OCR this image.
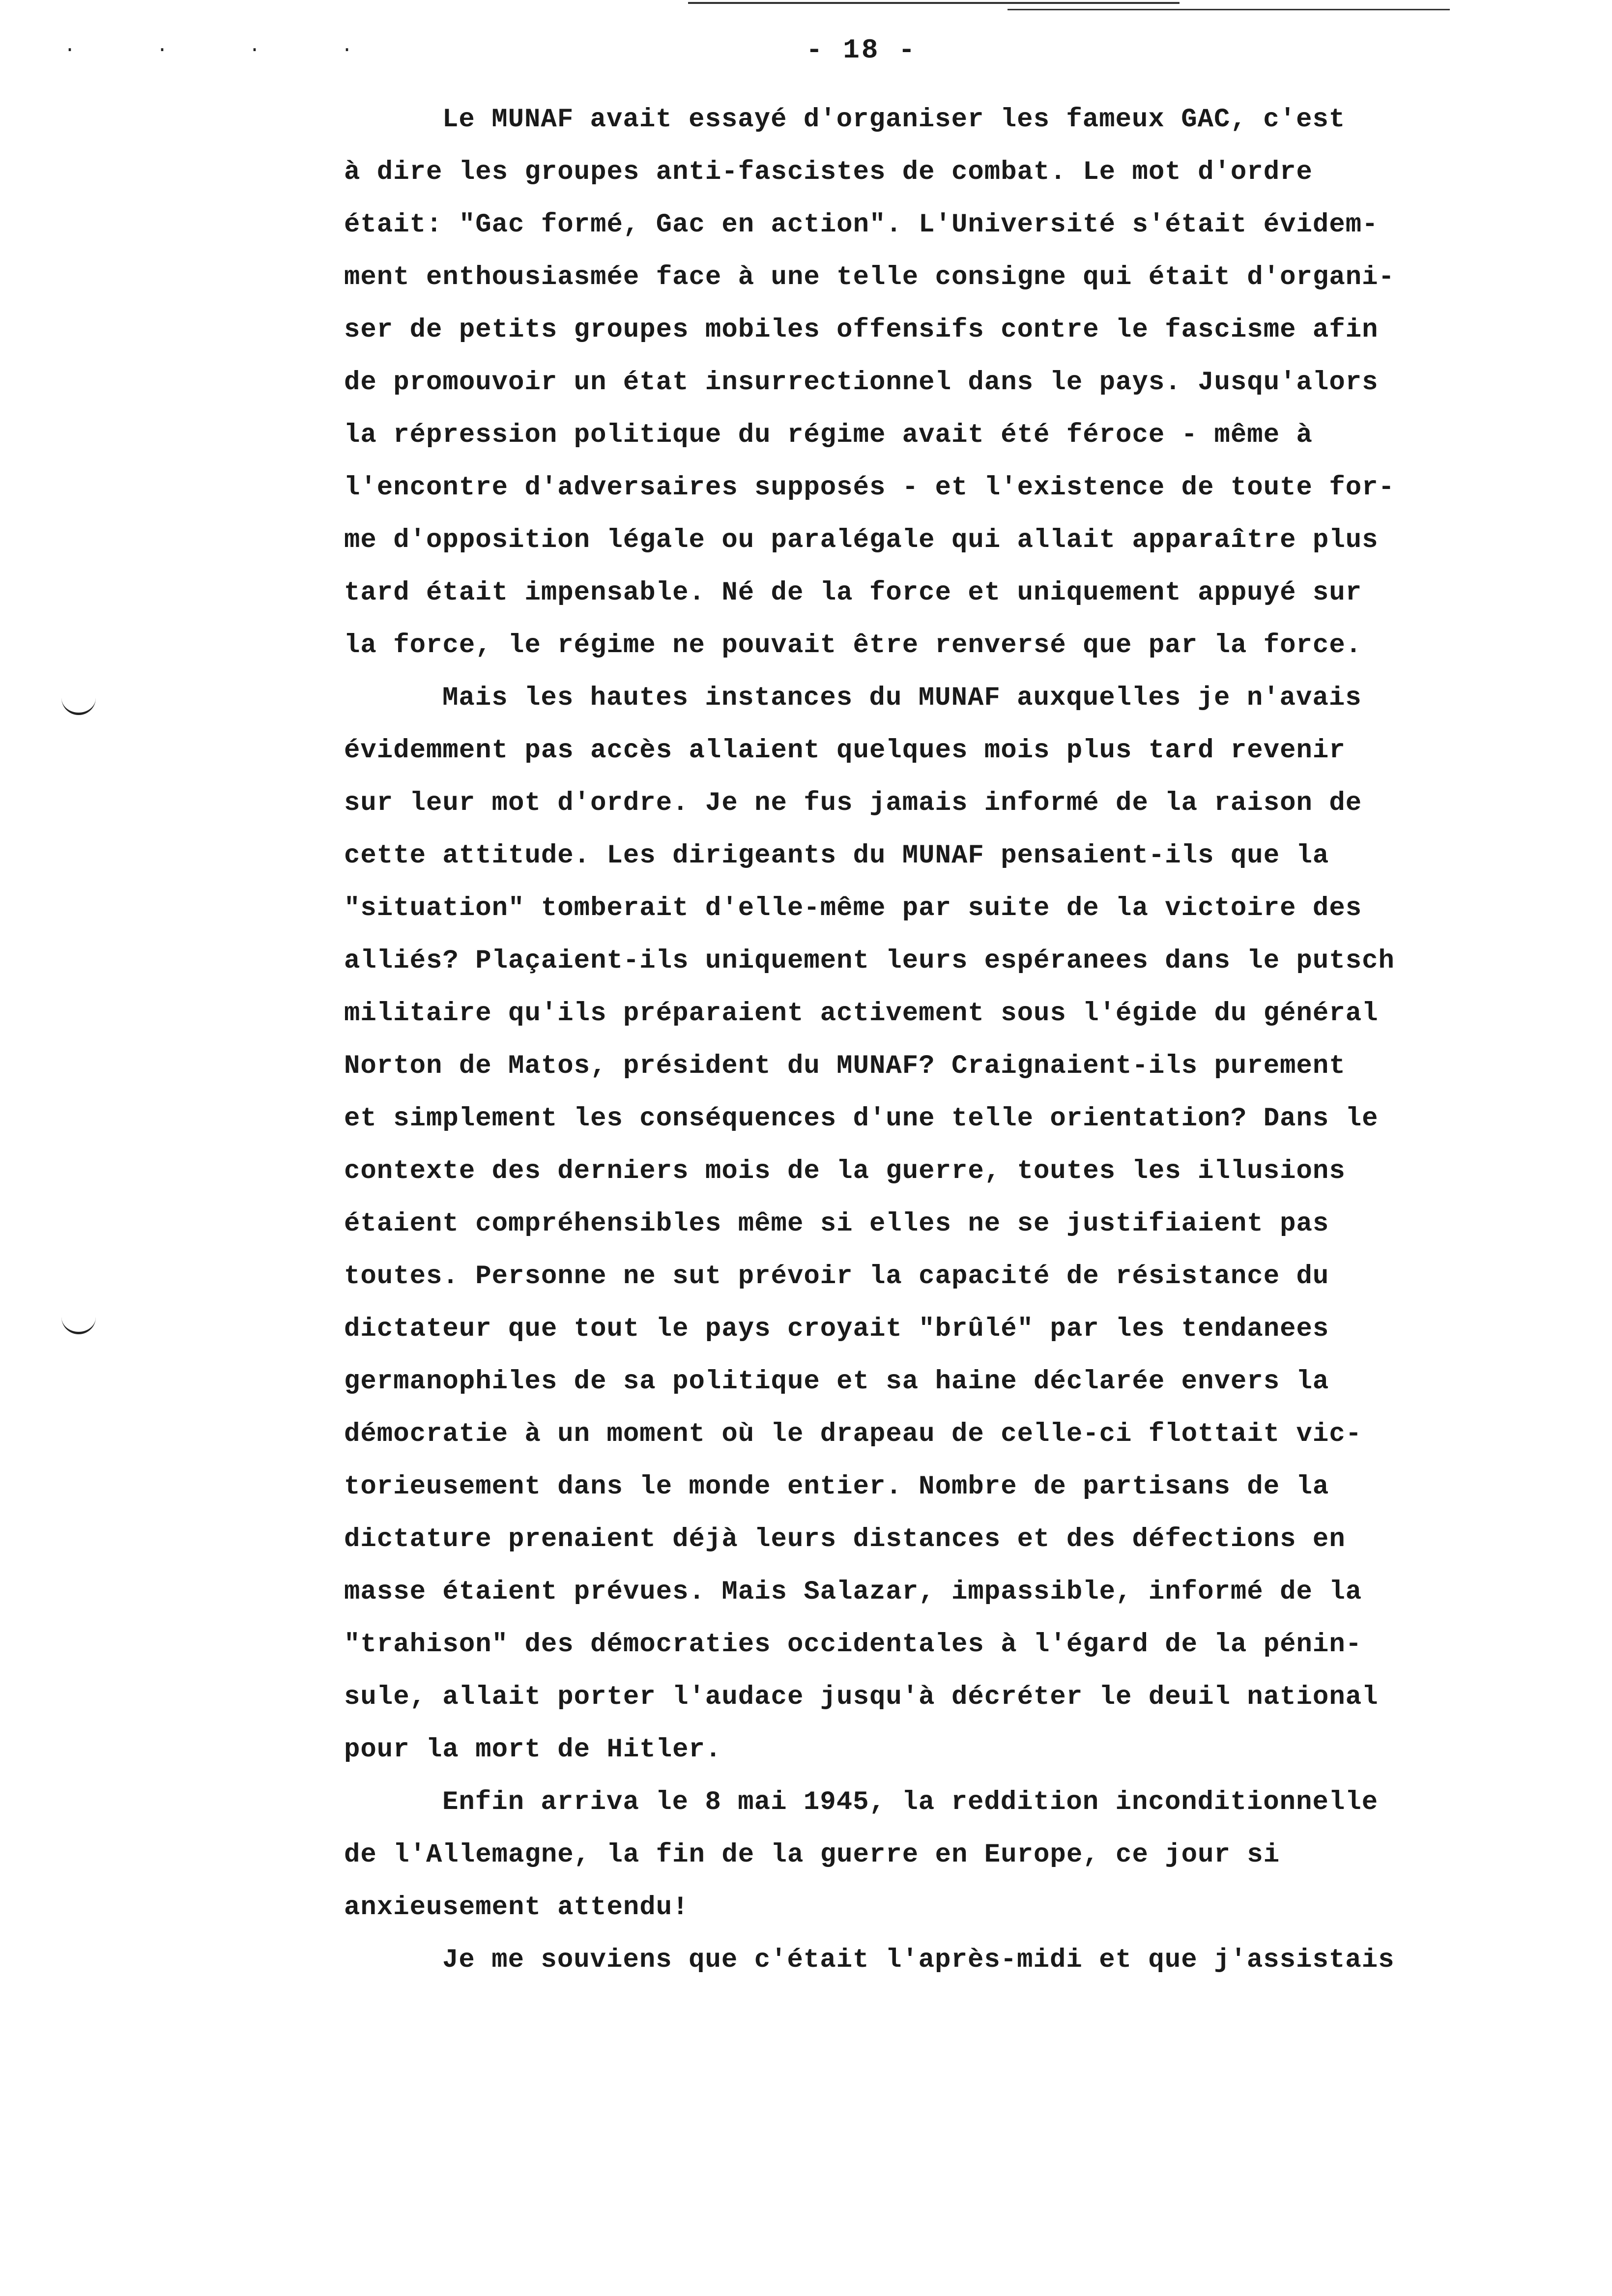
· · · ·	- 18 -
Le MUNAF avait essayé d'organiser les fameux GAC, c'est
à dire les groupes anti-fascistes de combat. Le mot d'ordre
était: "Gac formé, Gac en action". L'Université s'était évidem-
ment enthousiasmée face à une telle consigne qui était d'organi-
ser de petits groupes mobiles offensifs contre le fascisme afin
de promouvoir un état insurrectionnel dans le pays. Jusqu'alors
la répression politique du régime avait été féroce - même à
l'encontre d'adversaires supposés - et l'existence de toute for-
me d'opposition légale ou paralégale qui allait apparaître plus
tard était impensable. Né de la force et uniquement appuyé sur
la force, le régime ne pouvait être renversé que par la force.
Mais les hautes instances du MUNAF auxquelles je n'avais
évidemment pas accès allaient quelques mois plus tard revenir
sur leur mot d'ordre. Je ne fus jamais informé de la raison de
cette attitude. Les dirigeants du MUNAF pensaient-ils que la
"situation" tomberait d'elle-même par suite de la victoire des
alliés? Plaçaient-ils uniquement leurs espéranees dans le putsch
militaire qu'ils préparaient activement sous l'égide du général
Norton de Matos, président du MUNAF? Craignaient-ils purement
et simplement les conséquences d'une telle orientation? Dans le
contexte des derniers mois de la guerre, toutes les illusions
étaient compréhensibles même si elles ne se justifiaient pas
toutes. Personne ne sut prévoir la capacité de résistance du
dictateur que tout le pays croyait "brûlé" par les tendanees
germanophiles de sa politique et sa haine déclarée envers la
démocratie à un moment où le drapeau de celle-ci flottait vic-
torieusement dans le monde entier. Nombre de partisans de la
dictature prenaient déjà leurs distances et des défections en
masse étaient prévues. Mais Salazar, impassible, informé de la
"trahison" des démocraties occidentales à l'égard de la pénin-
sule, allait porter l'audace jusqu'à décréter le deuil national
pour la mort de Hitler.
Enfin arriva le 8 mai 1945, la reddition inconditionnelle
de l'Allemagne, la fin de la guerre en Europe, ce jour si
anxieusement attendu!
Je me souviens que c'était l'après-midi et que j'assistais
